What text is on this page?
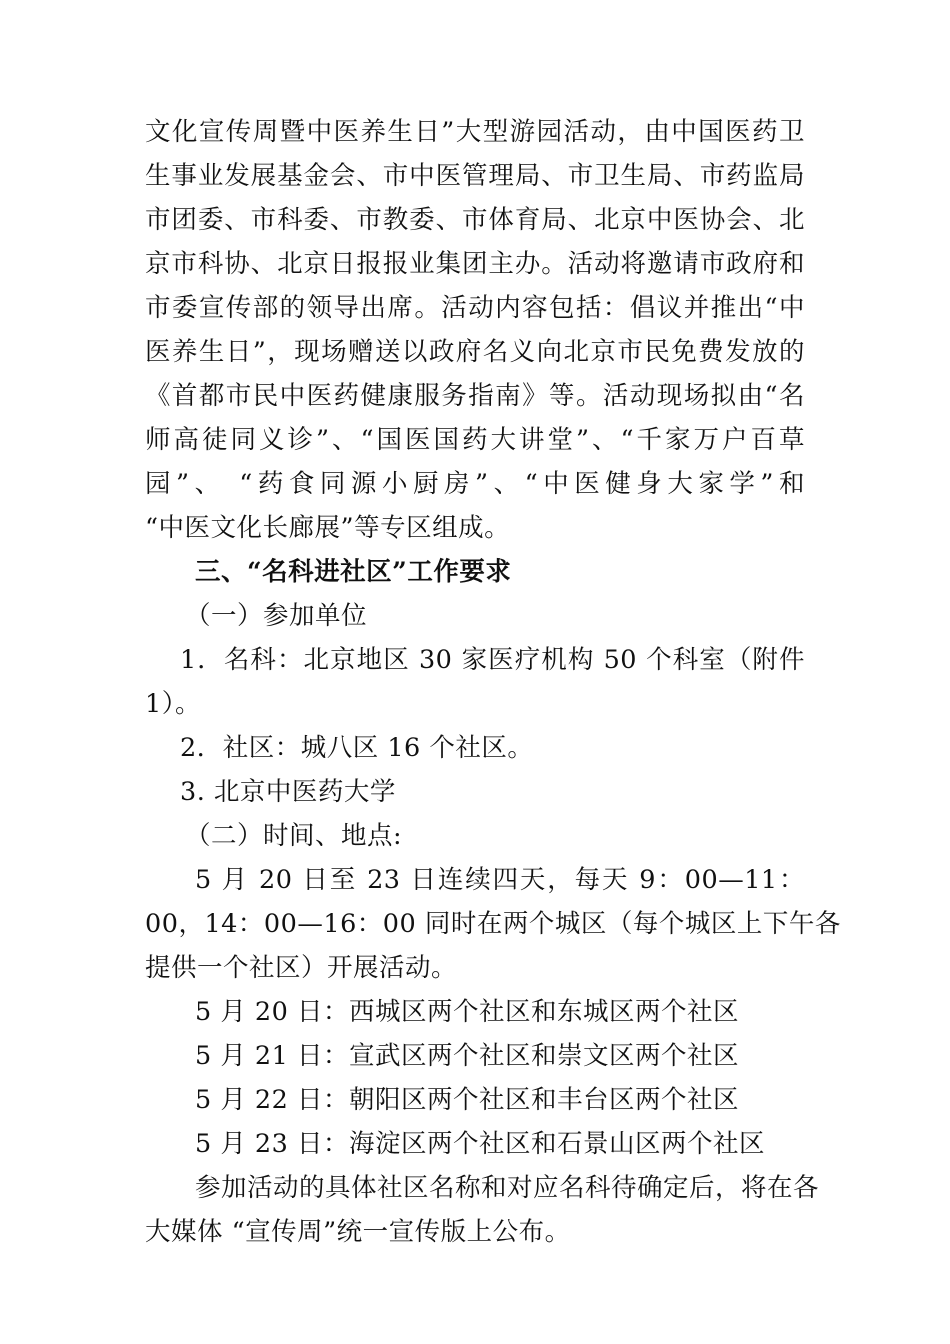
文化宣传周暨中医养生日”大型游园活动，由中国医药卫
生事业发展基金会、市中医管理局、市卫生局、市药监局
市团委、市科委、市教委、市体育局、北京中医协会、北
京市科协、北京日报报业集团主办。活动将邀请市政府和
市委宣传部的领导出席。活动内容包括：倡议并推出“中
医养生日”，现场赠送以政府名义向北京市民免费发放的
《首都市民中医药健康服务指南》等。活动现场拟由“名
师高徒同义诊”、“国医国药大讲堂”、“千家万户百草
园”、 “药食同源小厨房”、“中医健身大家学”和
“中医文化长廊展”等专区组成。
三、“名科进社区”工作要求
（一）参加单位
1．名科：北京地区 30 家医疗机构 50 个科室（附件
1）。
2．社区：城八区 16 个社区。
3. 北京中医药大学
（二）时间、地点:
5 月 20 日至 23 日连续四天，每天 9：00—11：
00，14：00—16：00 同时在两个城区（每个城区上下午各
提供一个社区）开展活动。
5 月 20 日：西城区两个社区和东城区两个社区
5 月 21 日：宣武区两个社区和崇文区两个社区
5 月 22 日：朝阳区两个社区和丰台区两个社区
5 月 23 日：海淀区两个社区和石景山区两个社区
参加活动的具体社区名称和对应名科待确定后，将在各
大媒体 “宣传周”统一宣传版上公布。
